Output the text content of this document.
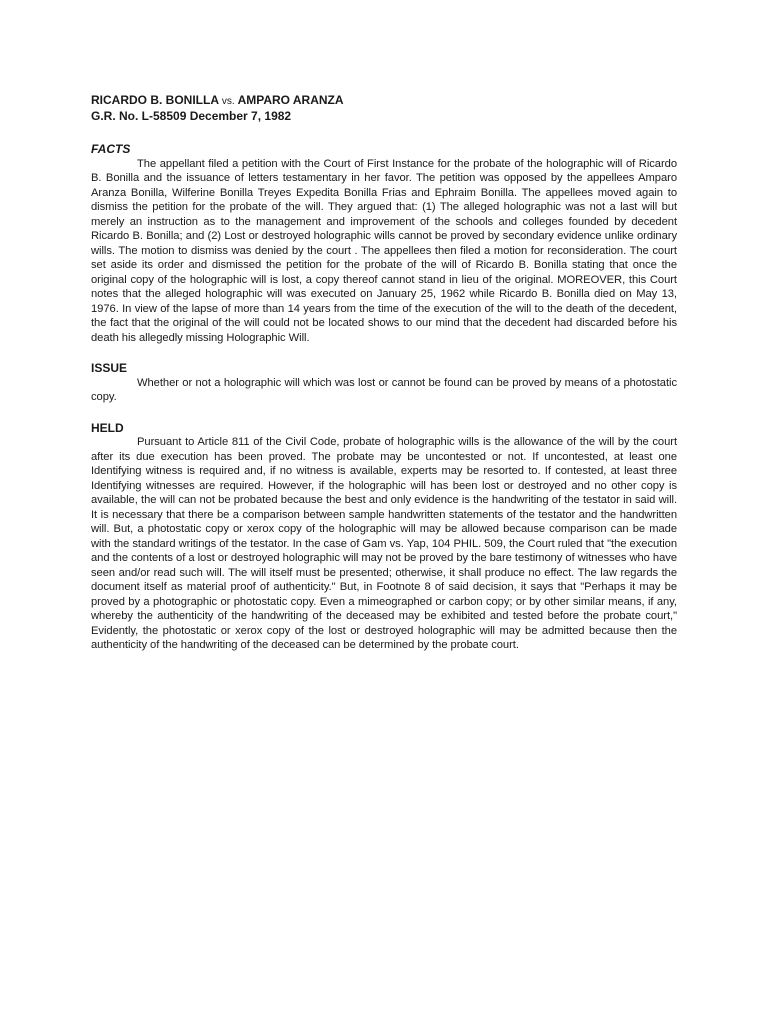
RICARDO B. BONILLA vs. AMPARO ARANZA

G.R. No. L-58509 December 7, 1982

FACTS

The appellant filed a petition with the Court of First Instance for the probate of the holographic will of Ricardo B. Bonilla and the issuance of letters testamentary in her favor. The petition was opposed by the appellees Amparo Aranza Bonilla, Wilferine Bonilla Treyes Expedita Bonilla Frias and Ephraim Bonilla. The appellees moved again to dismiss the petition for the probate of the will. They argued that: (1) The alleged holographic was not a last will but merely an instruction as to the management and improvement of the schools and colleges founded by decedent Ricardo B. Bonilla; and (2) Lost or destroyed holographic wills cannot be proved by secondary evidence unlike ordinary wills. The motion to dismiss was denied by the court . The appellees then filed a motion for reconsideration. The court set aside its order and dismissed the petition for the probate of the will of Ricardo B. Bonilla stating that once the original copy of the holographic will is lost, a copy thereof cannot stand in lieu of the original. MOREOVER, this Court notes that the alleged holographic will was executed on January 25, 1962 while Ricardo B. Bonilla died on May 13, 1976. In view of the lapse of more than 14 years from the time of the execution of the will to the death of the decedent, the fact that the original of the will could not be located shows to our mind that the decedent had discarded before his death his allegedly missing Holographic Will.

ISSUE

Whether or not a holographic will which was lost or cannot be found can be proved by means of a photostatic copy.

HELD

Pursuant to Article 811 of the Civil Code, probate of holographic wills is the allowance of the will by the court after its due execution has been proved. The probate may be uncontested or not. If uncontested, at least one Identifying witness is required and, if no witness is available, experts may be resorted to. If contested, at least three Identifying witnesses are required. However, if the holographic will has been lost or destroyed and no other copy is available, the will can not be probated because the best and only evidence is the handwriting of the testator in said will. It is necessary that there be a comparison between sample handwritten statements of the testator and the handwritten will. But, a photostatic copy or xerox copy of the holographic will may be allowed because comparison can be made with the standard writings of the testator. In the case of Gam vs. Yap, 104 PHIL. 509, the Court ruled that "the execution and the contents of a lost or destroyed holographic will may not be proved by the bare testimony of witnesses who have seen and/or read such will. The will itself must be presented; otherwise, it shall produce no effect. The law regards the document itself as material proof of authenticity." But, in Footnote 8 of said decision, it says that "Perhaps it may be proved by a photographic or photostatic copy. Even a mimeographed or carbon copy; or by other similar means, if any, whereby the authenticity of the handwriting of the deceased may be exhibited and tested before the probate court," Evidently, the photostatic or xerox copy of the lost or destroyed holographic will may be admitted because then the authenticity of the handwriting of the deceased can be determined by the probate court.
